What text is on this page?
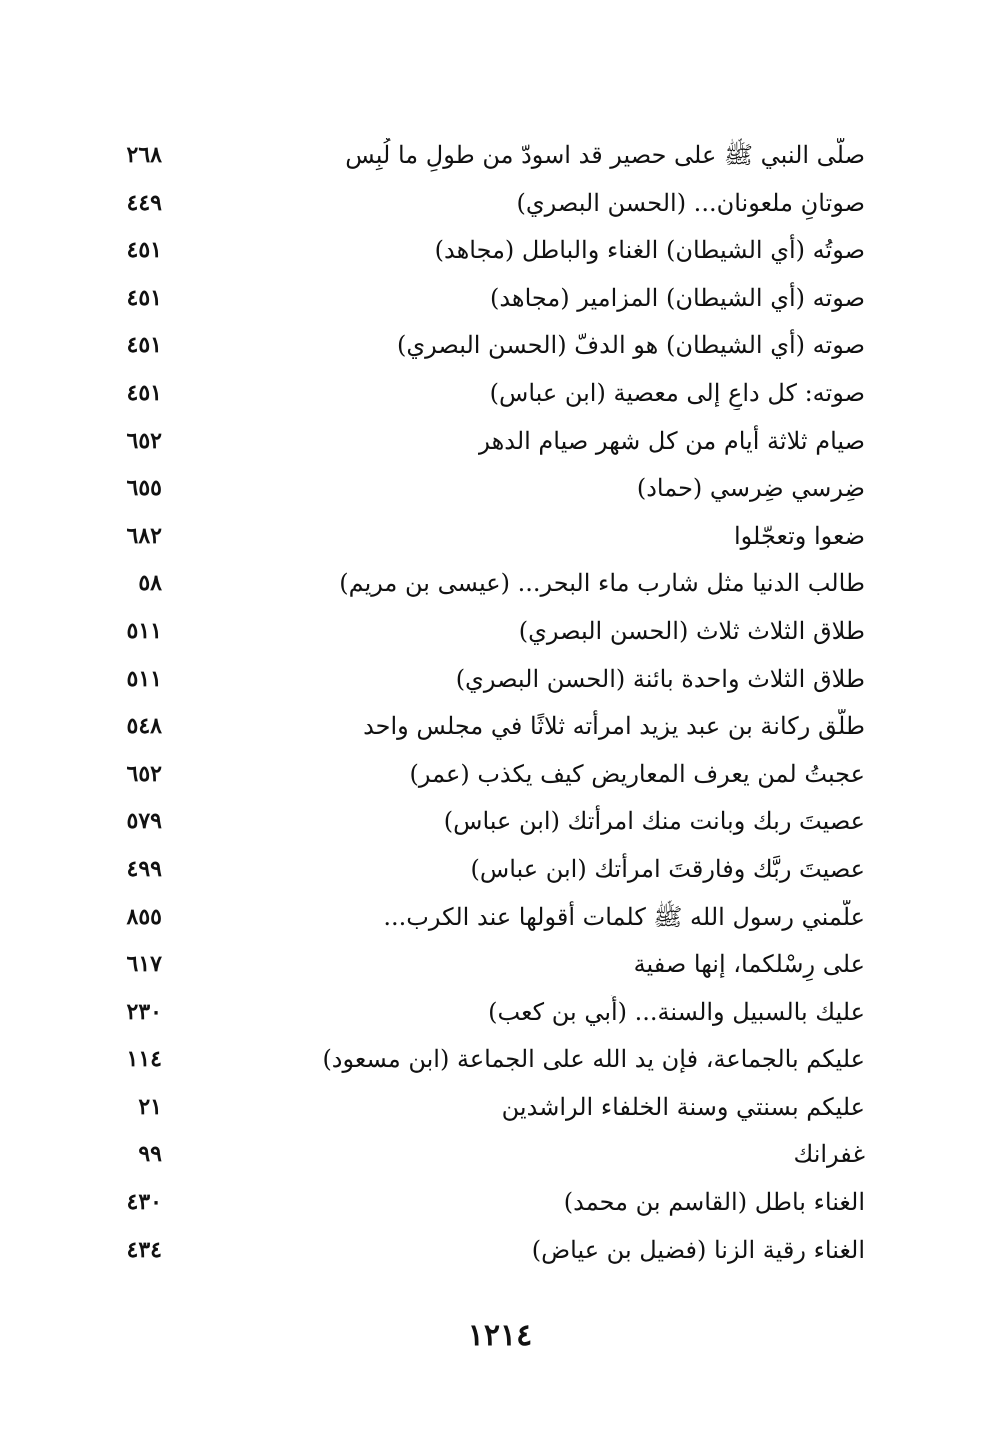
صلّى النبي ﷺ على حصير قد اسودّ من طولِ ما لُبِس
٢٦٨
صوتانِ ملعونان... (الحسن البصري)
٤٤٩
صوتُه (أي الشيطان) الغناء والباطل (مجاهد)
٤٥١
صوته (أي الشيطان) المزامير (مجاهد)
٤٥١
صوته (أي الشيطان) هو الدفّ (الحسن البصري)
٤٥١
صوته: كل داعٍ إلى معصية (ابن عباس)
٤٥١
صيام ثلاثة أيام من كل شهر صيام الدهر
٦٥٢
ضِرسي ضِرسي (حماد)
٦٥٥
ضعوا وتعجّلوا
٦٨٢
طالب الدنيا مثل شارب ماء البحر... (عيسى بن مريم)
٥٨
طلاق الثلاث ثلاث (الحسن البصري)
٥١١
طلاق الثلاث واحدة بائنة (الحسن البصري)
٥١١
طلّق ركانة بن عبد يزيد امرأته ثلاثًا في مجلس واحد
٥٤٨
عجبتُ لمن يعرف المعاريض كيف يكذب (عمر)
٦٥٢
عصيتَ ربك وبانت منك امرأتك (ابن عباس)
٥٧٩
عصيتَ ربَّك وفارقتَ امرأتك (ابن عباس)
٤٩٩
علّمني رسول الله ﷺ كلمات أقولها عند الكرب...
٨٥٥
على رِسْلكما، إنها صفية
٦١٧
عليك بالسبيل والسنة... (أُبي بن كعب)
٢٣٠
عليكم بالجماعة، فإن يد الله على الجماعة (ابن مسعود)
١١٤
عليكم بسنتي وسنة الخلفاء الراشدين
٢١
غفرانك
٩٩
الغناء باطل (القاسم بن محمد)
٤٣٠
الغناء رقية الزنا (فضيل بن عياض)
٤٣٤
١٢١٤
